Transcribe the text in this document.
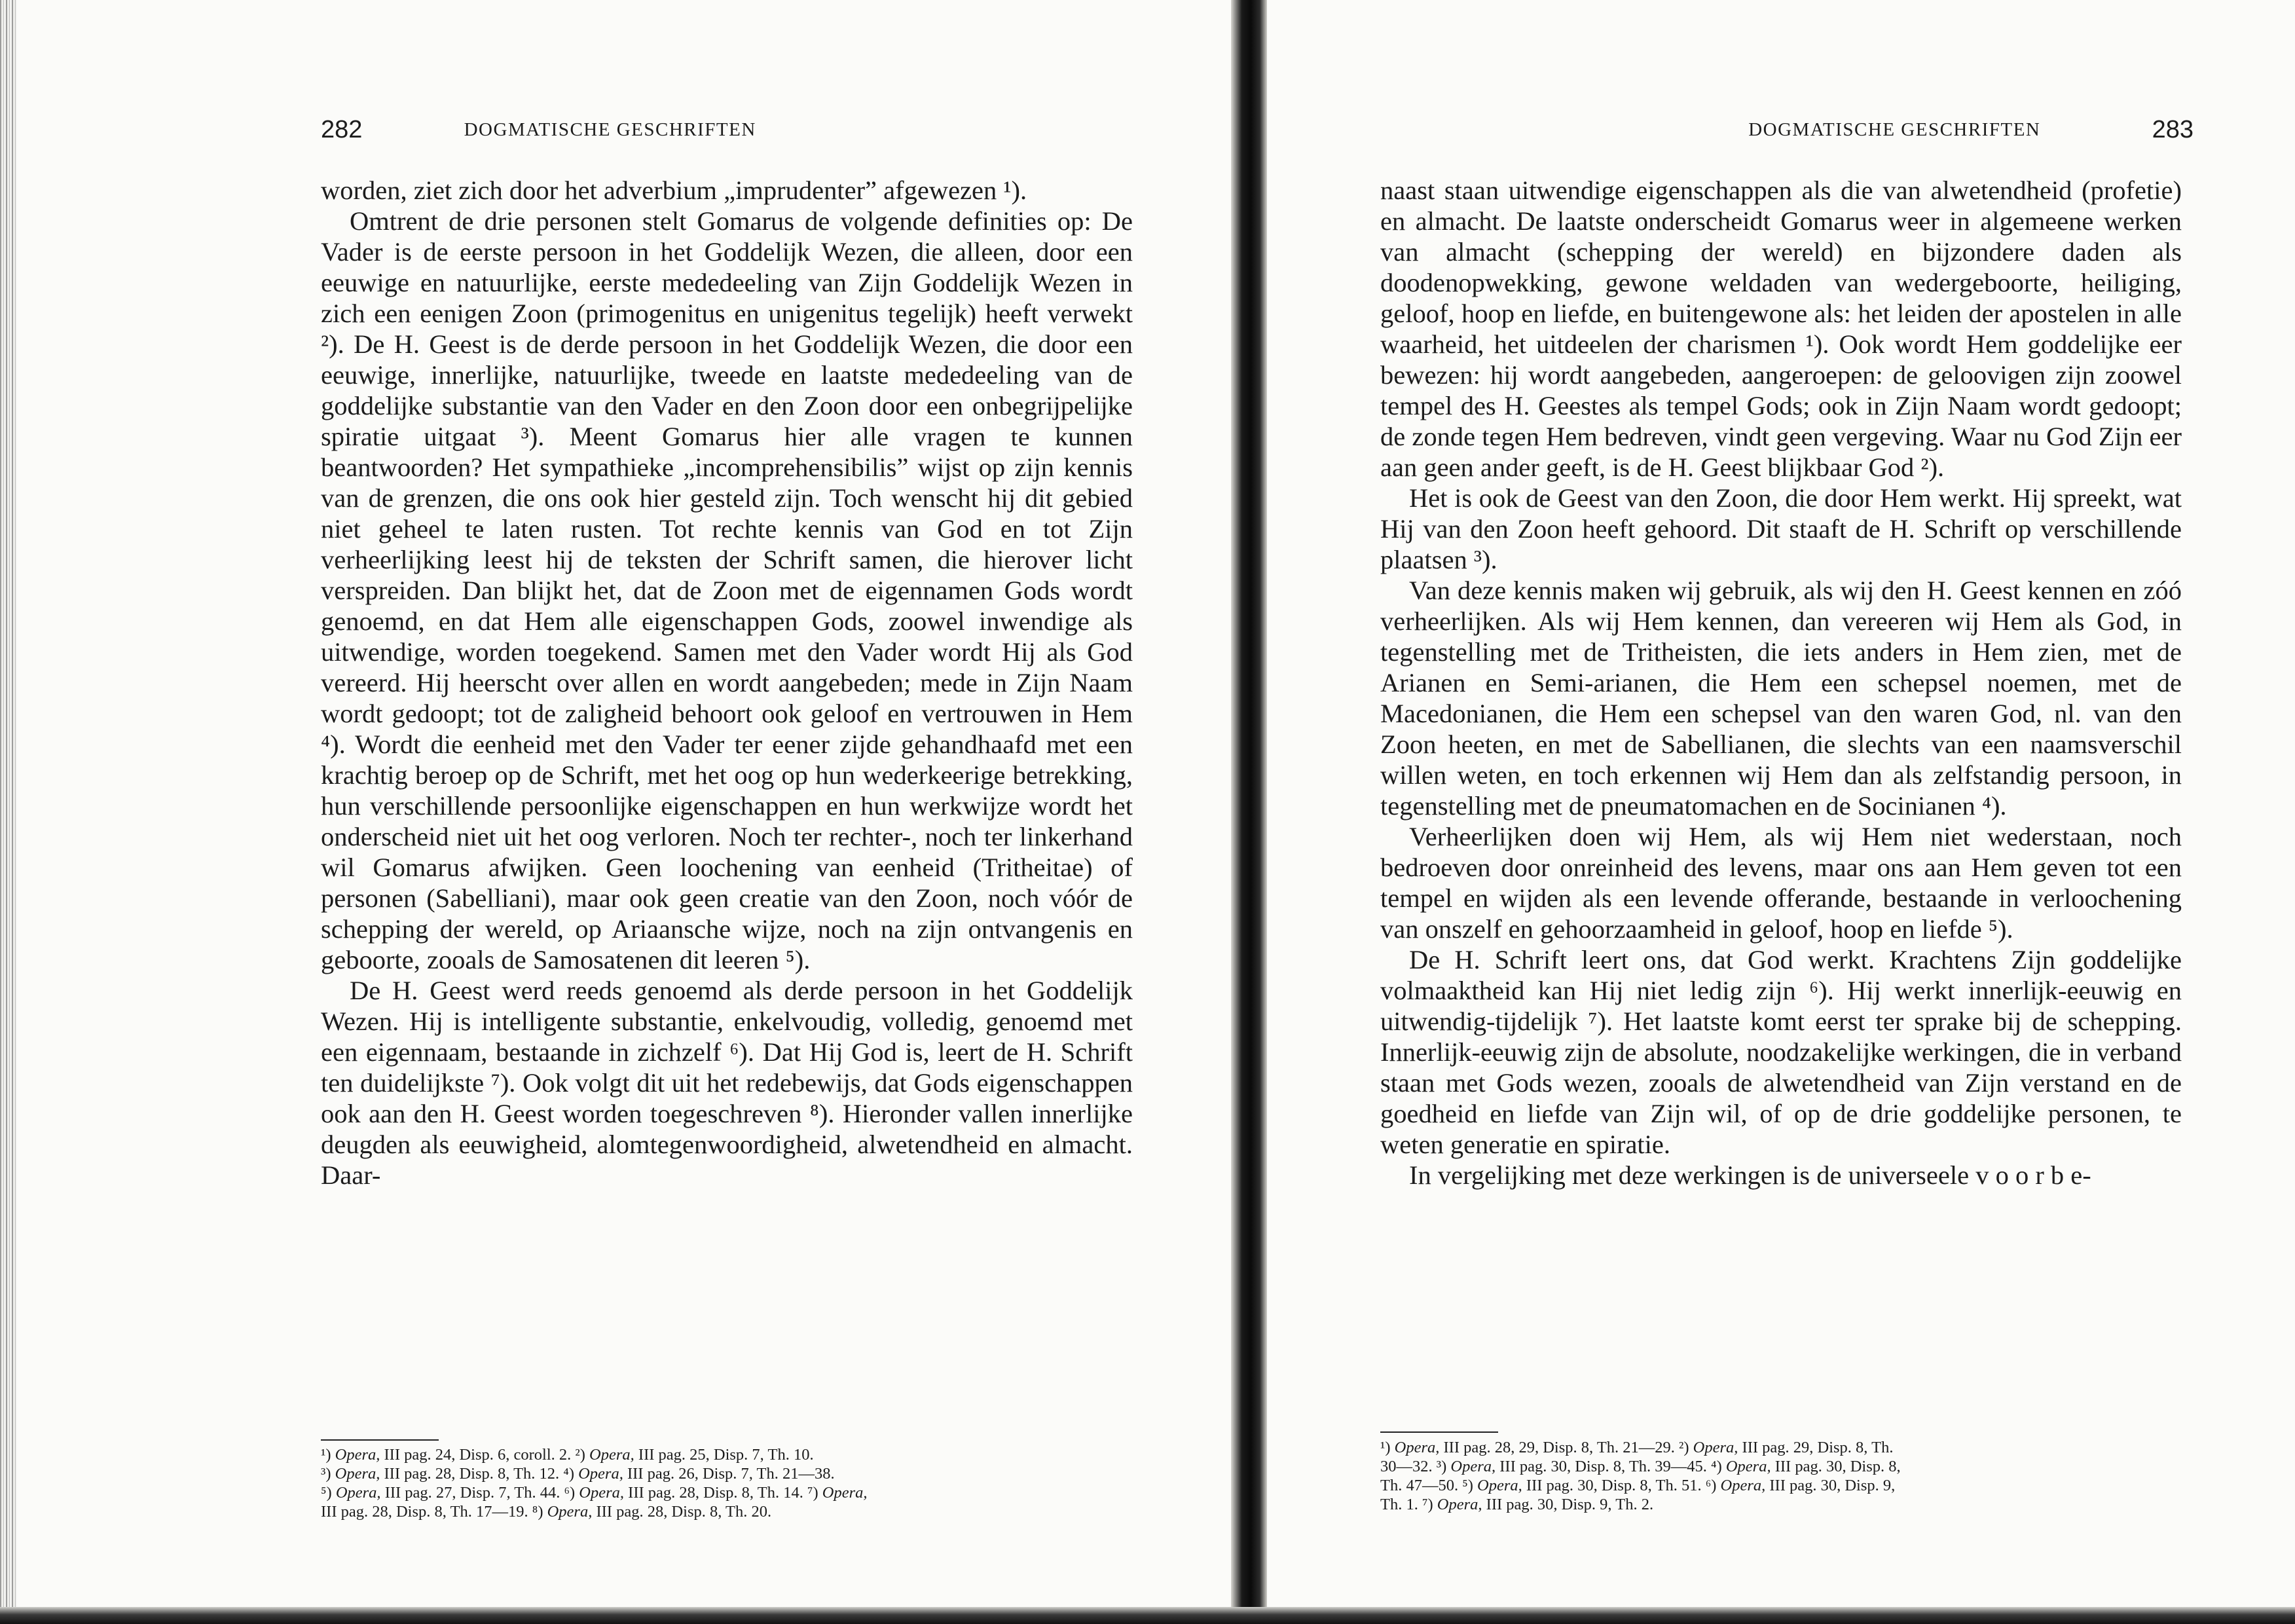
282	DOGMATISCHE GESCHRIFTEN

worden, ziet zich door het adverbium „imprudenter” afgewezen ¹).

Omtrent de drie personen stelt Gomarus de volgende definities op: De Vader is de eerste persoon in het Goddelijk Wezen, die alleen, door een eeuwige en natuurlijke, eerste mededeeling van Zijn Goddelijk Wezen in zich een eenigen Zoon (primogenitus en unigenitus tegelijk) heeft verwekt ²). De H. Geest is de derde persoon in het Goddelijk Wezen, die door een eeuwige, innerlijke, natuurlijke, tweede en laatste mededeeling van de goddelijke substantie van den Vader en den Zoon door een onbegrijpelijke spiratie uitgaat ³). Meent Gomarus hier alle vragen te kunnen beantwoorden? Het sympathieke „incomprehensibilis” wijst op zijn kennis van de grenzen, die ons ook hier gesteld zijn. Toch wenscht hij dit gebied niet geheel te laten rusten. Tot rechte kennis van God en tot Zijn verheerlijking leest hij de teksten der Schrift samen, die hierover licht verspreiden. Dan blijkt het, dat de Zoon met de eigennamen Gods wordt genoemd, en dat Hem alle eigenschappen Gods, zoowel inwendige als uitwendige, worden toegekend. Samen met den Vader wordt Hij als God vereerd. Hij heerscht over allen en wordt aangebeden; mede in Zijn Naam wordt gedoopt; tot de zaligheid behoort ook geloof en vertrouwen in Hem ⁴). Wordt die eenheid met den Vader ter eener zijde gehandhaafd met een krachtig beroep op de Schrift, met het oog op hun wederkeerige betrekking, hun verschillende persoonlijke eigenschappen en hun werkwijze wordt het onderscheid niet uit het oog verloren. Noch ter rechter-, noch ter linkerhand wil Gomarus afwijken. Geen loochening van eenheid (Tritheitae) of personen (Sabelliani), maar ook geen creatie van den Zoon, noch vóór de schepping der wereld, op Ariaansche wijze, noch na zijn ontvangenis en geboorte, zooals de Samosatenen dit leeren ⁵).

De H. Geest werd reeds genoemd als derde persoon in het Goddelijk Wezen. Hij is intelligente substantie, enkelvoudig, volledig, genoemd met een eigennaam, bestaande in zichzelf ⁶). Dat Hij God is, leert de H. Schrift ten duidelijkste ⁷). Ook volgt dit uit het redebewijs, dat Gods eigenschappen ook aan den H. Geest worden toegeschreven ⁸). Hieronder vallen innerlijke deugden als eeuwigheid, alomtegenwoordigheid, alwetendheid en almacht. Daar-

¹) Opera, III pag. 24, Disp. 6, coroll. 2. ²) Opera, III pag. 25, Disp. 7, Th. 10.

³) Opera, III pag. 28, Disp. 8, Th. 12. ⁴) Opera, III pag. 26, Disp. 7, Th. 21—38.

⁵) Opera, III pag. 27, Disp. 7, Th. 44. ⁶) Opera, III pag. 28, Disp. 8, Th. 14. ⁷) Opera,

III pag. 28, Disp. 8, Th. 17—19. ⁸) Opera, III pag. 28, Disp. 8, Th. 20.

DOGMATISCHE GESCHRIFTEN	283

naast staan uitwendige eigenschappen als die van alwetendheid (profetie) en almacht. De laatste onderscheidt Gomarus weer in algemeene werken van almacht (schepping der wereld) en bijzondere daden als doodenopwekking, gewone weldaden van wedergeboorte, heiliging, geloof, hoop en liefde, en buitengewone als: het leiden der apostelen in alle waarheid, het uitdeelen der charismen ¹). Ook wordt Hem goddelijke eer bewezen: hij wordt aangebeden, aangeroepen: de geloovigen zijn zoowel tempel des H. Geestes als tempel Gods; ook in Zijn Naam wordt gedoopt; de zonde tegen Hem bedreven, vindt geen vergeving. Waar nu God Zijn eer aan geen ander geeft, is de H. Geest blijkbaar God ²).

Het is ook de Geest van den Zoon, die door Hem werkt. Hij spreekt, wat Hij van den Zoon heeft gehoord. Dit staaft de H. Schrift op verschillende plaatsen ³).

Van deze kennis maken wij gebruik, als wij den H. Geest kennen en zóó verheerlijken. Als wij Hem kennen, dan vereeren wij Hem als God, in tegenstelling met de Tritheisten, die iets anders in Hem zien, met de Arianen en Semi-arianen, die Hem een schepsel noemen, met de Macedonianen, die Hem een schepsel van den waren God, nl. van den Zoon heeten, en met de Sabellianen, die slechts van een naamsverschil willen weten, en toch erkennen wij Hem dan als zelfstandig persoon, in tegenstelling met de pneumatomachen en de Socinianen ⁴).

Verheerlijken doen wij Hem, als wij Hem niet wederstaan, noch bedroeven door onreinheid des levens, maar ons aan Hem geven tot een tempel en wijden als een levende offerande, bestaande in verloochening van onszelf en gehoorzaamheid in geloof, hoop en liefde ⁵).

De H. Schrift leert ons, dat God werkt. Krachtens Zijn goddelijke volmaaktheid kan Hij niet ledig zijn ⁶). Hij werkt innerlijk-eeuwig en uitwendig-tijdelijk ⁷). Het laatste komt eerst ter sprake bij de schepping. Innerlijk-eeuwig zijn de absolute, noodzakelijke werkingen, die in verband staan met Gods wezen, zooals de alwetendheid van Zijn verstand en de goedheid en liefde van Zijn wil, of op de drie goddelijke personen, te weten generatie en spiratie.

In vergelijking met deze werkingen is de universeele v o o r b e-

¹) Opera, III pag. 28, 29, Disp. 8, Th. 21—29. ²) Opera, III pag. 29, Disp. 8, Th.

30—32. ³) Opera, III pag. 30, Disp. 8, Th. 39—45. ⁴) Opera, III pag. 30, Disp. 8,

Th. 47—50. ⁵) Opera, III pag. 30, Disp. 8, Th. 51. ⁶) Opera, III pag. 30, Disp. 9,

Th. 1. ⁷) Opera, III pag. 30, Disp. 9, Th. 2.
